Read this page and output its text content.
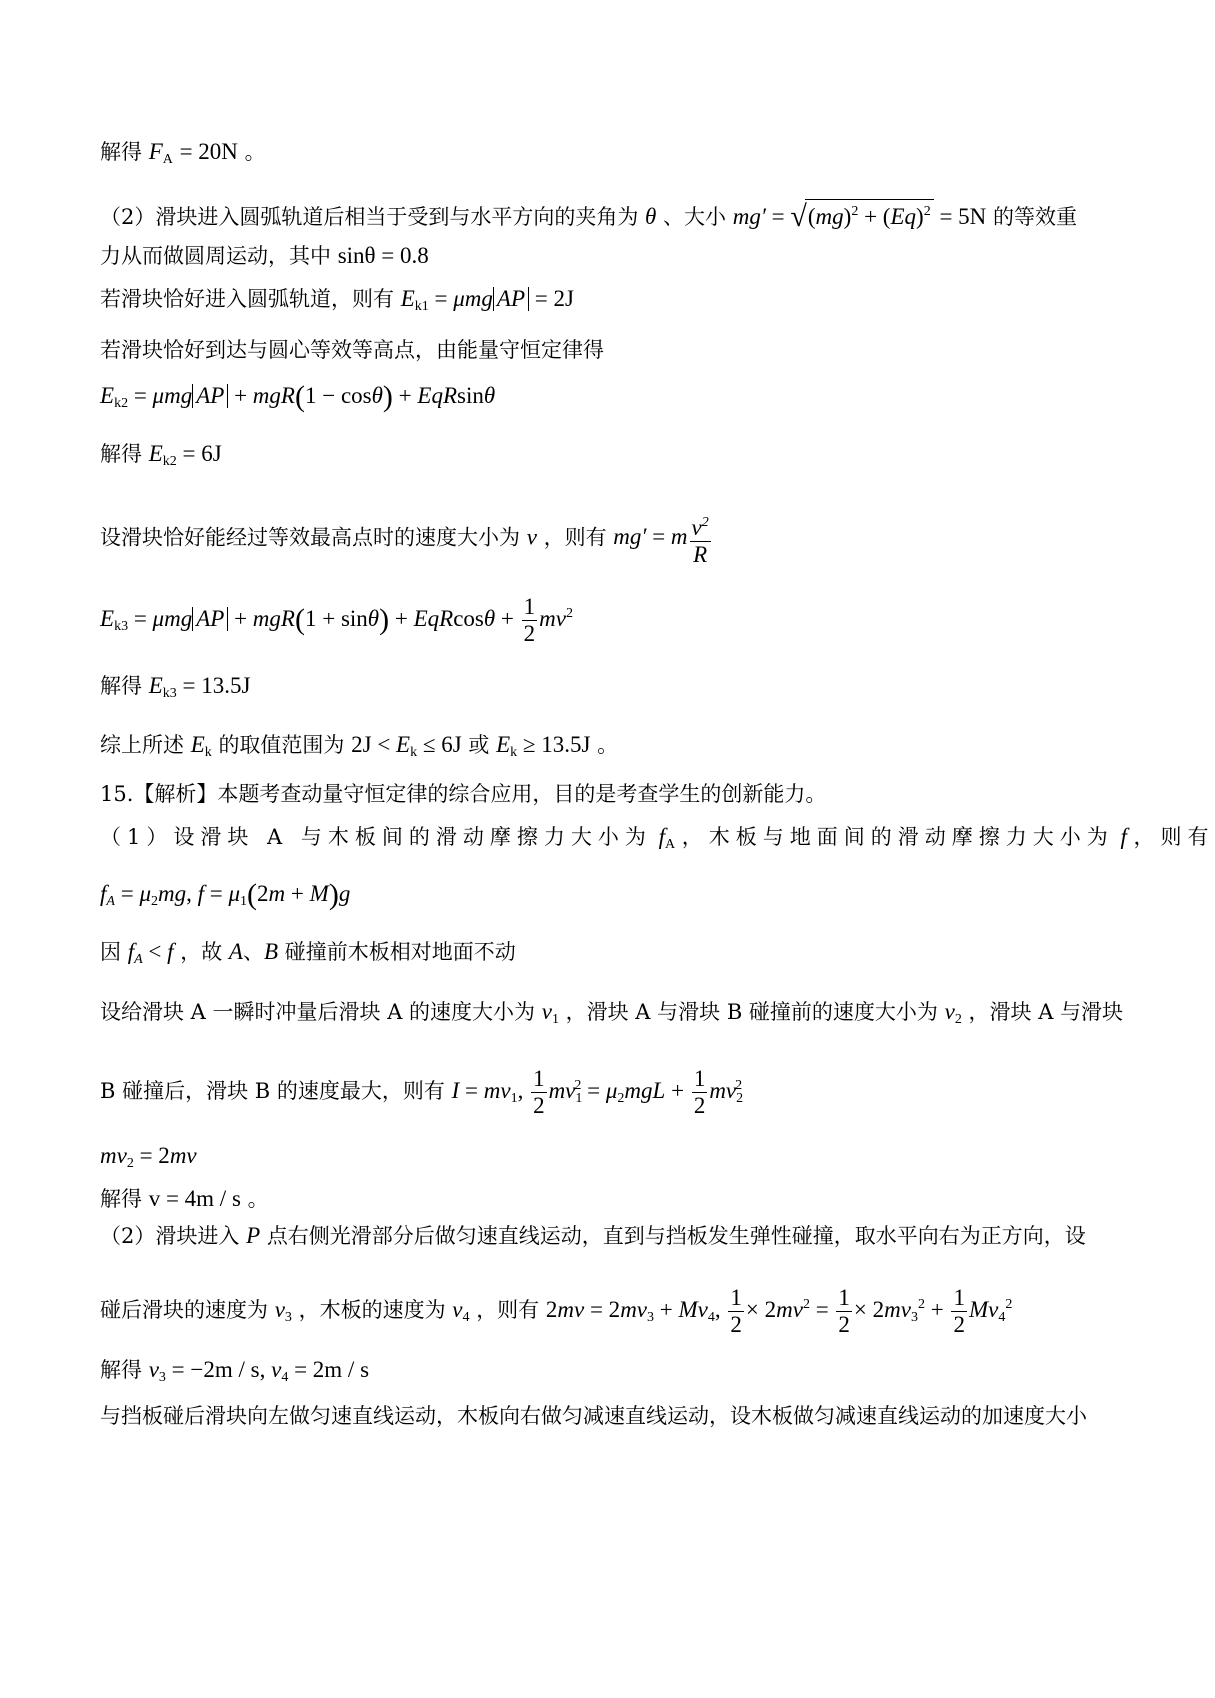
解得 $F_A = 20N$ 。
（2）滑块进入圆弧轨道后相当于受到与水平方向的夹角为 θ 、大小 $mg' = √(mg)^2 + (Eq)^2 = 5N$ 的等效重
力从而做圆周运动，其中 sinθ = 0.8
若滑块恰好进入圆弧轨道，则有 $E_{k1} = \mu mg$ AP = 2J
若滑块恰好到达与圆心等效等高点，由能量守恒定律得
$E_{k2} = \mu mg$ AP + mgR(1 − cosθ) + EqRsinθ
解得 $E_{k2} = 6J$
设滑块恰好能经过等效最高点时的速度大小为 v ，则有 mg′ = m $\frac{v^2}{R}$
$E_{k3} = \mu mg$ AP + $mgR(1 + \sin\theta) + EqRcos\theta + \frac{1}{2} mv^2$
解得 $E_{k3} = 13.5J$
综上所述 $E_k$ 的取值范围为 $2J < E_k \le 6J$ 或 $E_k \ge 13.5J$ 。
15.【解析】本题考查动量守恒定律的综合应用，目的是考查学生的创新能力。
（1）设滑块 A 与木板间的滑动摩擦力大小为 $f_A$ ，木板与地面间的滑动摩擦力大小为 f ，则有
$f_A = \mu_2mg$, $f = \mu_1(2m + M)g$
因 $f_A < f$ ，故 A、B 碰撞前木板相对地面不动
设给滑块 A 一瞬时冲量后滑块 A 的速度大小为 $v_1$ ，滑块 A 与滑块 B 碰撞前的速度大小为 $v_2$ ，滑块 A 与滑块
B 碰撞后，滑块 B 的速度最大，则有 $I = mv_1$, $\frac{1}{2} mv_1^2 = \mu_2mgL + \frac{1}{2} mv_2^2$
$mv_2 = 2mv$
解得 v = 4m / s 。
（2）滑块进入 P 点右侧光滑部分后做匀速直线运动，直到与挡板发生弹性碰撞，取水平向右为正方向，设
碰后滑块的速度为 $v_3$ ，木板的速度为 $v_4$ ，则有 $2mv = 2mv_3 + Mv_4$, $\frac{1}{2} \times 2mv^2 = \frac{1}{2} \times 2mv_3^2 + \frac{1}{2} Mv_4^2$
解得 $v_3 = -2m / s$, $v_4 = 2m / s$
与挡板碰后滑块向左做匀速直线运动，木板向右做匀减速直线运动，设木板做匀减速直线运动的加速度大小
